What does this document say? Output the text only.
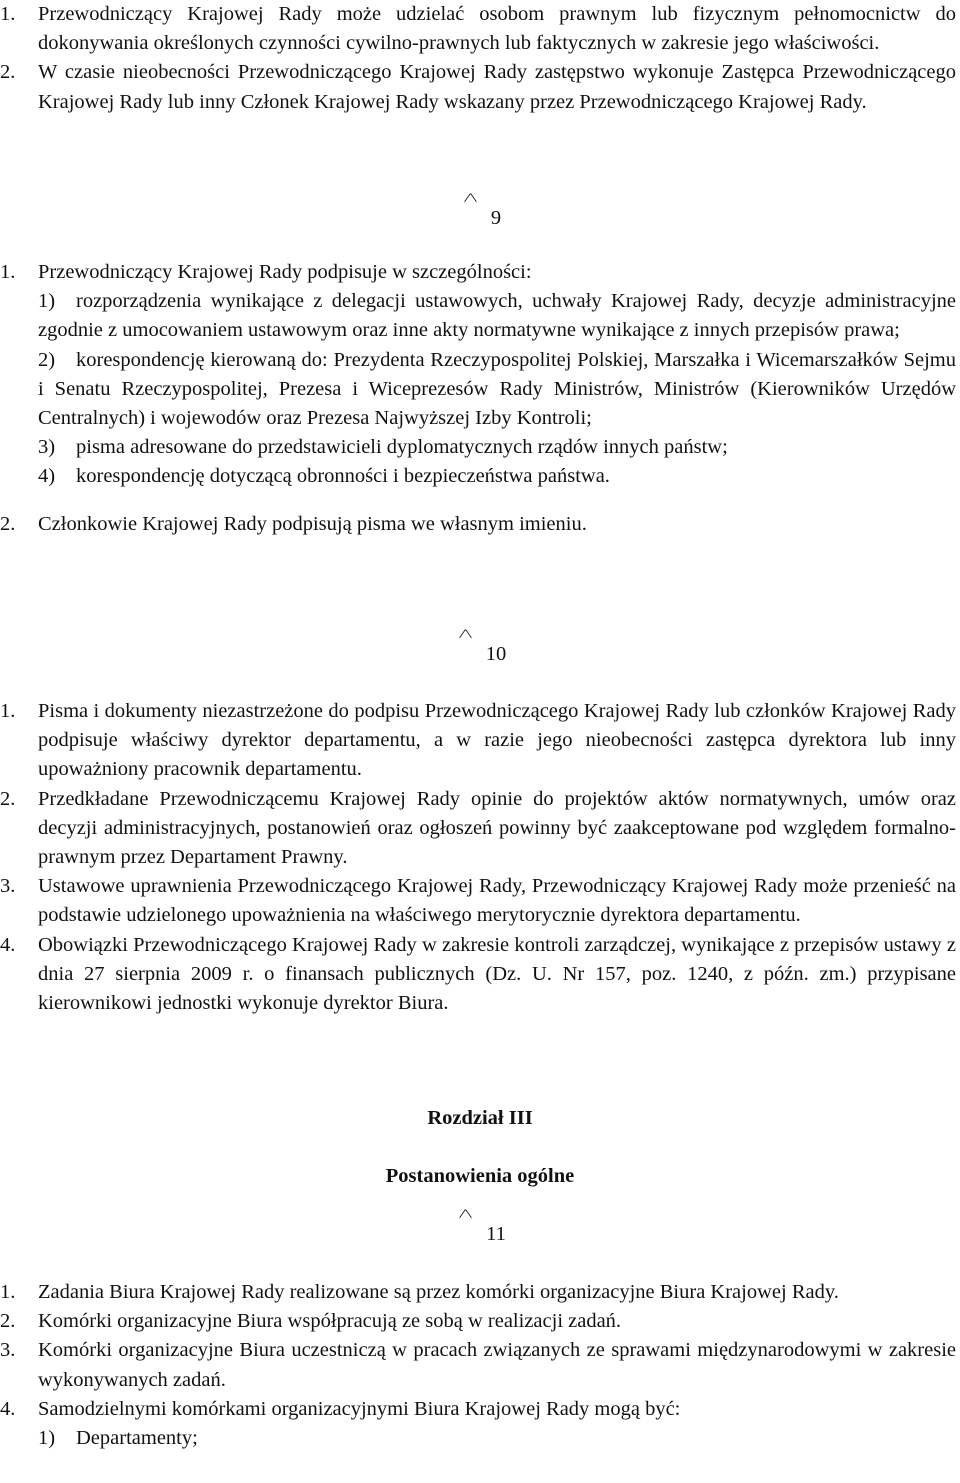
1. Przewodniczący Krajowej Rady może udzielać osobom prawnym lub fizycznym pełnomocnictw do dokonywania określonych czynności cywilno-prawnych lub faktycznych w zakresie jego właściwości.
2. W czasie nieobecności Przewodniczącego Krajowej Rady zastępstwo wykonuje Zastępca Przewodniczącego Krajowej Rady lub inny Członek Krajowej Rady wskazany przez Przewodniczącego Krajowej Rady.
9
1. Przewodniczący Krajowej Rady podpisuje w szczególności:
1) rozporządzenia wynikające z delegacji ustawowych, uchwały Krajowej Rady, decyzje administracyjne zgodnie z umocowaniem ustawowym oraz inne akty normatywne wynikające z innych przepisów prawa;
2) korespondencję kierowaną do: Prezydenta Rzeczypospolitej Polskiej, Marszałka i Wicemarszałków Sejmu i Senatu Rzeczypospolitej, Prezesa i Wiceprezesów Rady Ministrów, Ministrów (Kierowników Urzędów Centralnych) i wojewodów oraz Prezesa Najwyższej Izby Kontroli;
3) pisma adresowane do przedstawicieli dyplomatycznych rządów innych państw;
4) korespondencję dotyczącą obronności i bezpieczeństwa państwa.
2. Członkowie Krajowej Rady podpisują pisma we własnym imieniu.
10
1. Pisma i dokumenty niezastrzeżone do podpisu Przewodniczącego Krajowej Rady lub członków Krajowej Rady podpisuje właściwy dyrektor departamentu, a w razie jego nieobecności zastępca dyrektora lub inny upoważniony pracownik departamentu.
2. Przedkładane Przewodniczącemu Krajowej Rady opinie do projektów aktów normatywnych, umów oraz decyzji administracyjnych, postanowień oraz ogłoszeń powinny być zaakceptowane pod względem formalno-prawnym przez Departament Prawny.
3. Ustawowe uprawnienia Przewodniczącego Krajowej Rady, Przewodniczący Krajowej Rady może przenieść na podstawie udzielonego upoważnienia na właściwego merytorycznie dyrektora departamentu.
4. Obowiązki Przewodniczącego Krajowej Rady w zakresie kontroli zarządczej, wynikające z przepisów ustawy z dnia 27 sierpnia 2009 r. o finansach publicznych (Dz. U. Nr 157, poz. 1240, z późn. zm.) przypisane kierownikowi jednostki wykonuje dyrektor Biura.
Rozdział III
Postanowienia ogólne
11
1. Zadania Biura Krajowej Rady realizowane są przez komórki organizacyjne Biura Krajowej Rady.
2. Komórki organizacyjne Biura współpracują ze sobą w realizacji zadań.
3. Komórki organizacyjne Biura uczestniczą w pracach związanych ze sprawami międzynarodowymi w zakresie wykonywanych zadań.
4. Samodzielnymi komórkami organizacyjnymi Biura Krajowej Rady mogą być:
1) Departamenty;
